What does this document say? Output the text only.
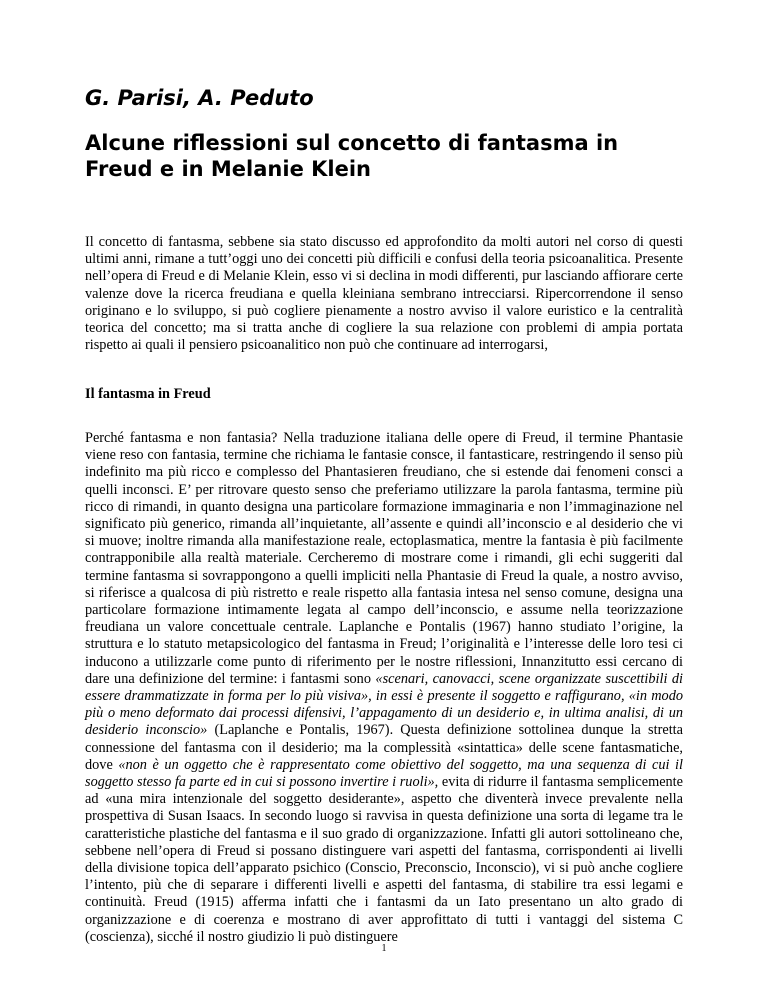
G. Parisi, A. Peduto
Alcune riflessioni sul concetto di fantasma in Freud e in Melanie Klein

Il concetto di fantasma, sebbene sia stato discusso ed approfondito da molti autori nel corso di questi ultimi anni, rimane a tutt’oggi uno dei concetti più difficili e confusi della teoria psicoanalitica. Presente nell’opera di Freud e di Melanie Klein, esso vi si declina in modi differenti, pur lasciando affiorare certe valenze dove la ricerca freudiana e quella kleiniana sembrano intrecciarsi. Ripercorrendone il senso originano e lo sviluppo, si può cogliere pienamente a nostro avviso il valore euristico e la centralità teorica del concetto; ma si tratta anche di cogliere la sua relazione con problemi di ampia portata rispetto ai quali il pensiero psicoanalitico non può che continuare ad interrogarsi,

Il fantasma in Freud

Perché fantasma e non fantasia? Nella traduzione italiana delle opere di Freud, il termine Phantasie viene reso con fantasia, termine che richiama le fantasie consce, il fantasticare, restringendo il senso più indefinito ma più ricco e complesso del Phantasieren freudiano, che si estende dai fenomeni consci a quelli inconsci. E’ per ritrovare questo senso che preferiamo utilizzare la parola fantasma, termine più ricco di rimandi, in quanto designa una particolare formazione immaginaria e non l’immaginazione nel significato più generico, rimanda all’inquietante, all’assente e quindi all’inconscio e al desiderio che vi si muove; inoltre rimanda alla manifestazione reale, ectoplasmatica, mentre la fantasia è più facilmente contrapponibile alla realtà materiale. Cercheremo di mostrare come i rimandi, gli echi suggeriti dal termine fantasma si sovrappongono a quelli impliciti nella Phantasie di Freud la quale, a nostro avviso, si riferisce a qualcosa di più ristretto e reale rispetto alla fantasia intesa nel senso comune, designa una particolare formazione intimamente legata al campo dell’inconscio, e assume nella teorizzazione freudiana un valore concettuale centrale. Laplanche e Pontalis (1967) hanno studiato l’origine, la struttura e lo statuto metapsicologico del fantasma in Freud; l’originalità e l’interesse delle loro tesi ci inducono a utilizzarle come punto di riferimento per le nostre riflessioni, Innanzitutto essi cercano di dare una definizione del termine: i fantasmi sono «scenari, canovacci, scene organizzate suscettibili di essere drammatizzate in forma per lo più visiva», in essi è presente il soggetto e raffigurano, «in modo più o meno deformato dai processi difensivi, l’appagamento di un desiderio e, in ultima analisi, di un desiderio inconscio» (Laplanche e Pontalis, 1967). Questa definizione sottolinea dunque la stretta connessione del fantasma con il desiderio; ma la complessità «sintattica» delle scene fantasmatiche, dove «non è un oggetto che è rappresentato come obiettivo del soggetto, ma una sequenza di cui il soggetto stesso fa parte ed in cui si possono invertire i ruoli», evita di ridurre il fantasma semplicemente ad «una mira intenzionale del soggetto desiderante», aspetto che diventerà invece prevalente nella prospettiva di Susan Isaacs. In secondo luogo si ravvisa in questa definizione una sorta di legame tra le caratteristiche plastiche del fantasma e il suo grado di organizzazione. Infatti gli autori sottolineano che, sebbene nell’opera di Freud si possano distinguere vari aspetti del fantasma, corrispondenti ai livelli della divisione topica dell’apparato psichico (Conscio, Preconscio, Inconscio), vi si può anche cogliere l’intento, più che di separare i differenti livelli e aspetti del fantasma, di stabilire tra essi legami e continuità. Freud (1915) afferma infatti che i fantasmi da un Iato presentano un alto grado di organizzazione e di coerenza e mostrano di aver approfittato di tutti i vantaggi del sistema C (coscienza), sicché il nostro giudizio li può distinguere

1
